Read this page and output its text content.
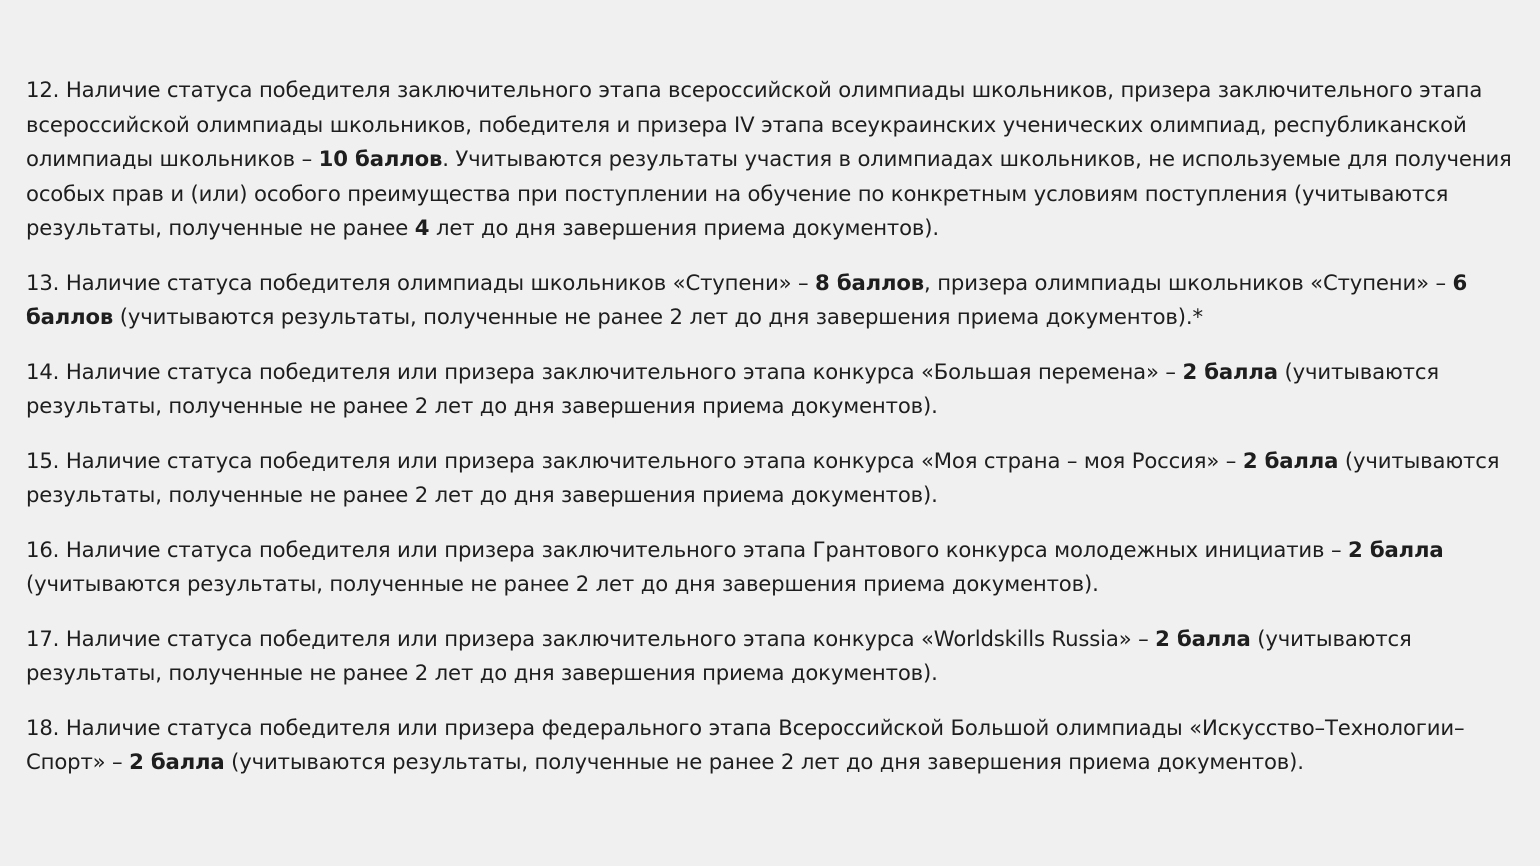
12. Наличие статуса победителя заключительного этапа всероссийской олимпиады школьников, призера заключительного этапа всероссийской олимпиады школьников, победителя и призера IV этапа всеукраинских ученических олимпиад, республиканской олимпиады школьников – 10 баллов. Учитываются результаты участия в олимпиадах школьников, не используемые для получения особых прав и (или) особого преимущества при поступлении на обучение по конкретным условиям поступления (учитываются результаты, полученные не ранее 4 лет до дня завершения приема документов).

13. Наличие статуса победителя олимпиады школьников «Ступени» – 8 баллов, призера олимпиады школьников «Ступени» – 6 баллов (учитываются результаты, полученные не ранее 2 лет до дня завершения приема документов).*

14. Наличие статуса победителя или призера заключительного этапа конкурса «Большая перемена» – 2 балла (учитываются результаты, полученные не ранее 2 лет до дня завершения приема документов).

15. Наличие статуса победителя или призера заключительного этапа конкурса «Моя страна – моя Россия» – 2 балла (учитываются результаты, полученные не ранее 2 лет до дня завершения приема документов).

16. Наличие статуса победителя или призера заключительного этапа Грантового конкурса молодежных инициатив – 2 балла (учитываются результаты, полученные не ранее 2 лет до дня завершения приема документов).

17. Наличие статуса победителя или призера заключительного этапа конкурса «Worldskills Russia» – 2 балла (учитываются результаты, полученные не ранее 2 лет до дня завершения приема документов).

18. Наличие статуса победителя или призера федерального этапа Всероссийской Большой олимпиады «Искусство–Технологии–Спорт» – 2 балла (учитываются результаты, полученные не ранее 2 лет до дня завершения приема документов).
